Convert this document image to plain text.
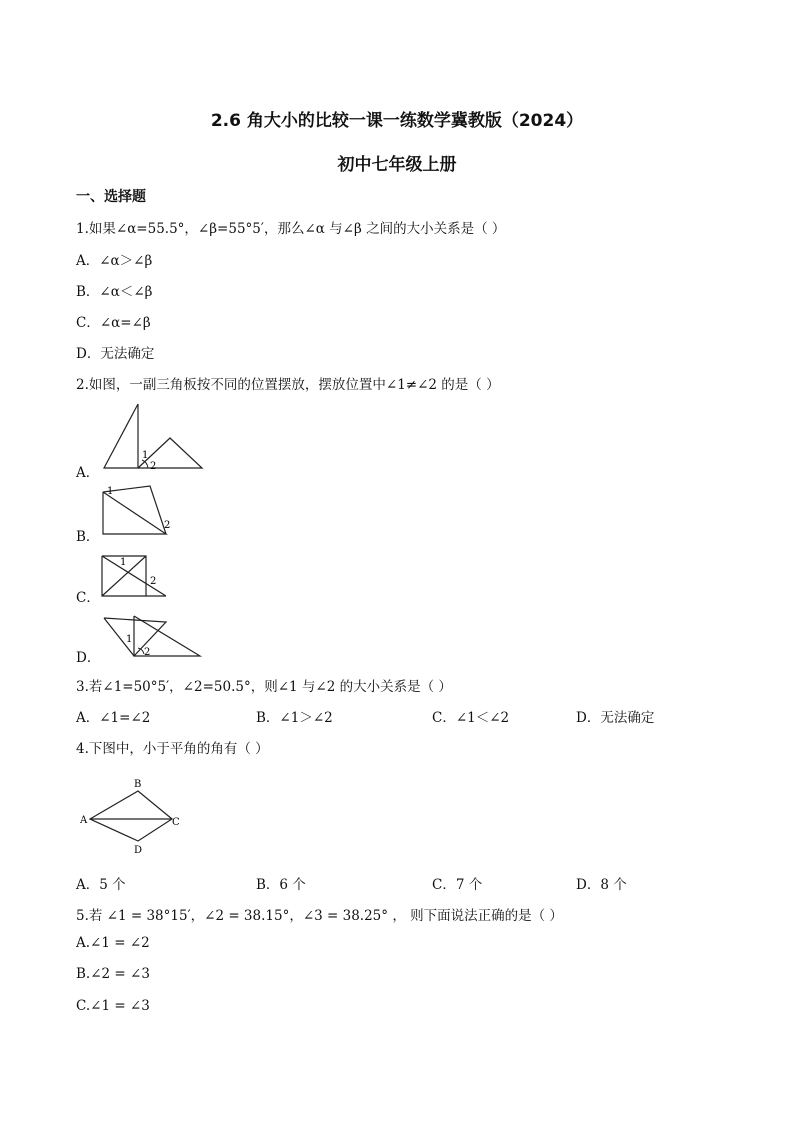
2.6 角大小的比较一课一练数学冀教版（2024）
初中七年级上册
一、选择题
1.如果∠α=55.5°，∠β=55°5′，那么∠α 与∠β 之间的大小关系是（ ）
A．∠α＞∠β
B．∠α＜∠β
C．∠α=∠β
D．无法确定
2.如图，一副三角板按不同的位置摆放，摆放位置中∠1≠∠2 的是（ ）
A．
1
2
B．
1
2
C．
1
2
D．
1
2
3.若∠1=50°5′，∠2=50.5°，则∠1 与∠2 的大小关系是（ ）
A．∠1=∠2	B．∠1＞∠2	C．∠1＜∠2	D．无法确定
4.下图中，小于平角的角有（ ）
A
B
C
D
A．5 个	B．6 个	C．7 个	D．8 个
5.若 ∠1 = 38°15′，∠2 = 38.15°，∠3 = 38.25° ， 则下面说法正确的是（ ）
A.∠1 = ∠2
B.∠2 = ∠3
C.∠1 = ∠3
